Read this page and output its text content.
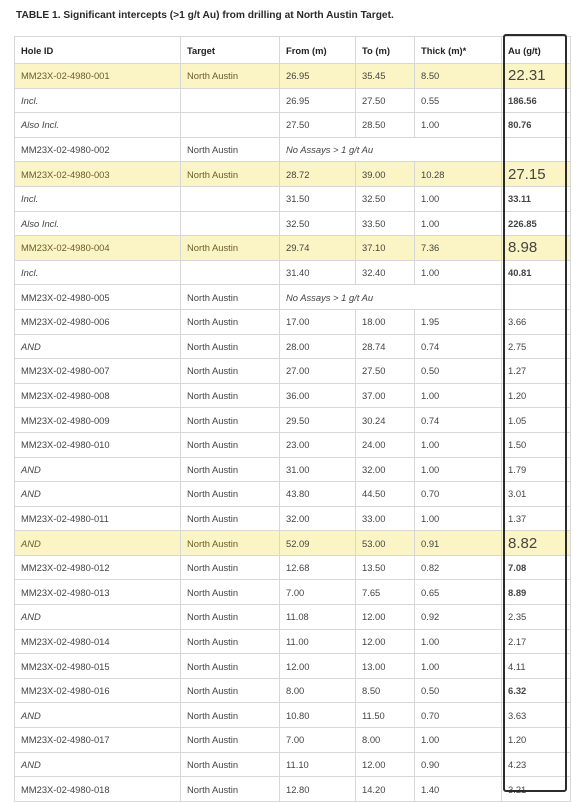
TABLE 1. Significant intercepts (>1 g/t Au) from drilling at North Austin Target.
Hole ID	Target	From (m)	To (m)	Thick (m)*	Au (g/t)
MM23X-02-4980-001	North Austin	26.95	35.45	8.50	22.31
Incl.		26.95	27.50	0.55	186.56
Also Incl.		27.50	28.50	1.00	80.76
MM23X-02-4980-002	North Austin	No Assays > 1 g/t Au			
MM23X-02-4980-003	North Austin	28.72	39.00	10.28	27.15
Incl.		31.50	32.50	1.00	33.11
Also Incl.		32.50	33.50	1.00	226.85
MM23X-02-4980-004	North Austin	29.74	37.10	7.36	8.98
Incl.		31.40	32.40	1.00	40.81
MM23X-02-4980-005	North Austin	No Assays > 1 g/t Au			
MM23X-02-4980-006	North Austin	17.00	18.00	1.95	3.66
AND	North Austin	28.00	28.74	0.74	2.75
MM23X-02-4980-007	North Austin	27.00	27.50	0.50	1.27
MM23X-02-4980-008	North Austin	36.00	37.00	1.00	1.20
MM23X-02-4980-009	North Austin	29.50	30.24	0.74	1.05
MM23X-02-4980-010	North Austin	23.00	24.00	1.00	1.50
AND	North Austin	31.00	32.00	1.00	1.79
AND	North Austin	43.80	44.50	0.70	3.01
MM23X-02-4980-011	North Austin	32.00	33.00	1.00	1.37
AND	North Austin	52.09	53.00	0.91	8.82
MM23X-02-4980-012	North Austin	12.68	13.50	0.82	7.08
MM23X-02-4980-013	North Austin	7.00	7.65	0.65	8.89
AND	North Austin	11.08	12.00	0.92	2.35
MM23X-02-4980-014	North Austin	11.00	12.00	1.00	2.17
MM23X-02-4980-015	North Austin	12.00	13.00	1.00	4.11
MM23X-02-4980-016	North Austin	8.00	8.50	0.50	6.32
AND	North Austin	10.80	11.50	0.70	3.63
MM23X-02-4980-017	North Austin	7.00	8.00	1.00	1.20
AND	North Austin	11.10	12.00	0.90	4.23
MM23X-02-4980-018	North Austin	12.80	14.20	1.40	3.21
